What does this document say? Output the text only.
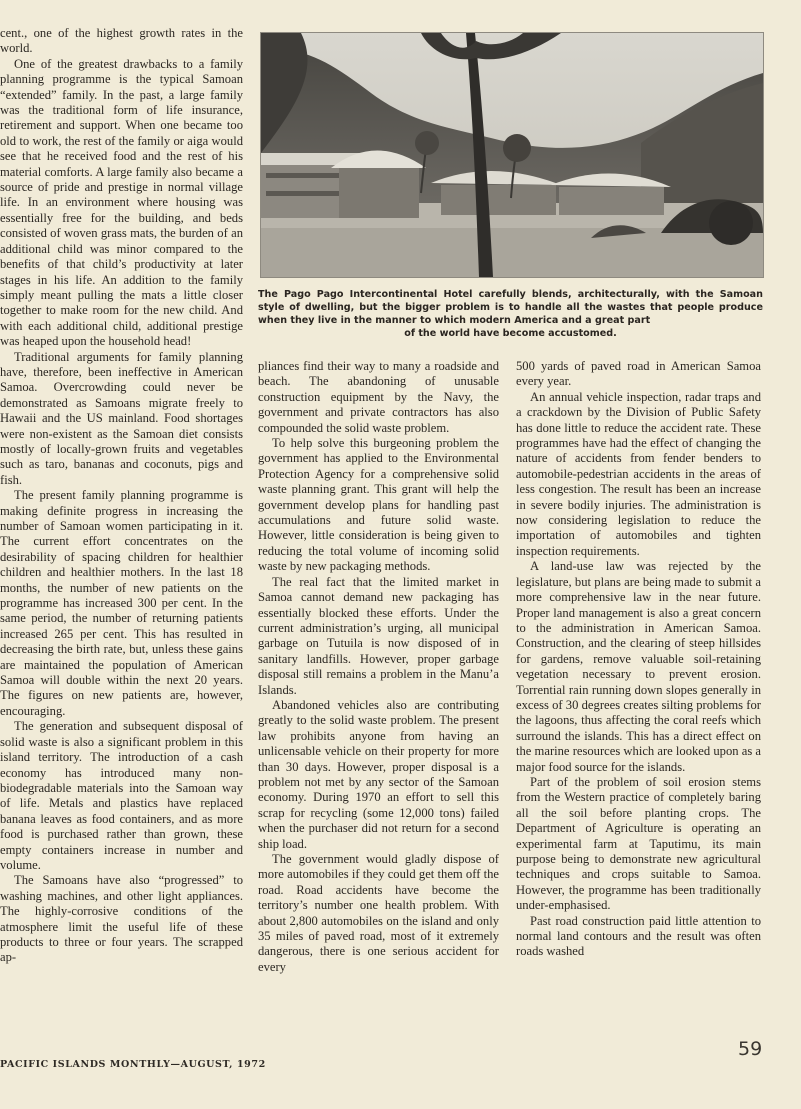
The Pago Pago Intercontinental Hotel carefully blends, architecturally, with the Samoan style of dwelling, but the bigger problem is to handle all the wastes that people produce when they live in the manner to which modern America and a great part
of the world have become accustomed.

cent., one of the highest growth rates in the world.

One of the greatest drawbacks to a family planning programme is the typical Samoan “extended” family. In the past, a large family was the traditional form of life insurance, retirement and support. When one became too old to work, the rest of the family or aiga would see that he received food and the rest of his material comforts. A large family also became a source of pride and prestige in normal village life. In an environment where housing was essentially free for the building, and beds consisted of woven grass mats, the burden of an additional child was minor compared to the benefits of that child’s productivity at later stages in his life. An addition to the family simply meant pulling the mats a little closer together to make room for the new child. And with each additional child, additional prestige was heaped upon the household head!

Traditional arguments for family planning have, therefore, been ineffective in American Samoa. Overcrowding could never be demonstrated as Samoans migrate freely to Hawaii and the US mainland. Food shortages were non-existent as the Samoan diet consists mostly of locally-grown fruits and vegetables such as taro, bananas and coconuts, pigs and fish.

The present family planning programme is making definite progress in increasing the number of Samoan women participating in it. The current effort concentrates on the desirability of spacing children for healthier children and healthier mothers. In the last 18 months, the number of new patients on the programme has increased 300 per cent. In the same period, the number of returning patients increased 265 per cent. This has resulted in decreasing the birth rate, but, unless these gains are maintained the population of American Samoa will double within the next 20 years. The figures on new patients are, however, encouraging.

The generation and subsequent disposal of solid waste is also a significant problem in this island territory. The introduction of a cash economy has introduced many non-biodegradable materials into the Samoan way of life. Metals and plastics have replaced banana leaves as food containers, and as more food is purchased rather than grown, these empty containers increase in number and volume.

The Samoans have also “progressed” to washing machines, and other light appliances. The highly-corrosive conditions of the atmosphere limit the useful life of these products to three or four years. The scrapped ap-

pliances find their way to many a roadside and beach. The abandoning of unusable construction equipment by the Navy, the government and private contractors has also compounded the solid waste problem.

To help solve this burgeoning problem the government has applied to the Environmental Protection Agency for a comprehensive solid waste planning grant. This grant will help the government develop plans for handling past accumulations and future solid waste. However, little consideration is being given to reducing the total volume of incoming solid waste by new packaging methods.

The real fact that the limited market in Samoa cannot demand new packaging has essentially blocked these efforts. Under the current administration’s urging, all municipal garbage on Tutuila is now disposed of in sanitary landfills. However, proper garbage disposal still remains a problem in the Manu’a Islands.

Abandoned vehicles also are contributing greatly to the solid waste problem. The present law prohibits anyone from having an unlicensable vehicle on their property for more than 30 days. However, proper disposal is a problem not met by any sector of the Samoan economy. During 1970 an effort to sell this scrap for recycling (some 12,000 tons) failed when the purchaser did not return for a second ship load.

The government would gladly dispose of more automobiles if they could get them off the road. Road accidents have become the territory’s number one health problem. With about 2,800 automobiles on the island and only 35 miles of paved road, most of it extremely dangerous, there is one serious accident for every

500 yards of paved road in American Samoa every year.

An annual vehicle inspection, radar traps and a crackdown by the Division of Public Safety has done little to reduce the accident rate. These programmes have had the effect of changing the nature of accidents from fender benders to automobile-pedestrian accidents in the areas of less congestion. The result has been an increase in severe bodily injuries. The administration is now considering legislation to reduce the importation of automobiles and tighten inspection requirements.

A land-use law was rejected by the legislature, but plans are being made to submit a more comprehensive law in the near future. Proper land management is also a great concern to the administration in American Samoa. Construction, and the clearing of steep hillsides for gardens, remove valuable soil-retaining vegetation necessary to prevent erosion. Torrential rain running down slopes generally in excess of 30 degrees creates silting problems for the lagoons, thus affecting the coral reefs which surround the islands. This has a direct effect on the marine resources which are looked upon as a major food source for the islands.

Part of the problem of soil erosion stems from the Western practice of completely baring all the soil before planting crops. The Department of Agriculture is operating an experimental farm at Taputimu, its main purpose being to demonstrate new agricultural techniques and crops suitable to Samoa. However, the programme has been traditionally under-emphasised.

Past road construction paid little attention to normal land contours and the result was often roads washed

PACIFIC ISLANDS MONTHLY—AUGUST, 1972
59
